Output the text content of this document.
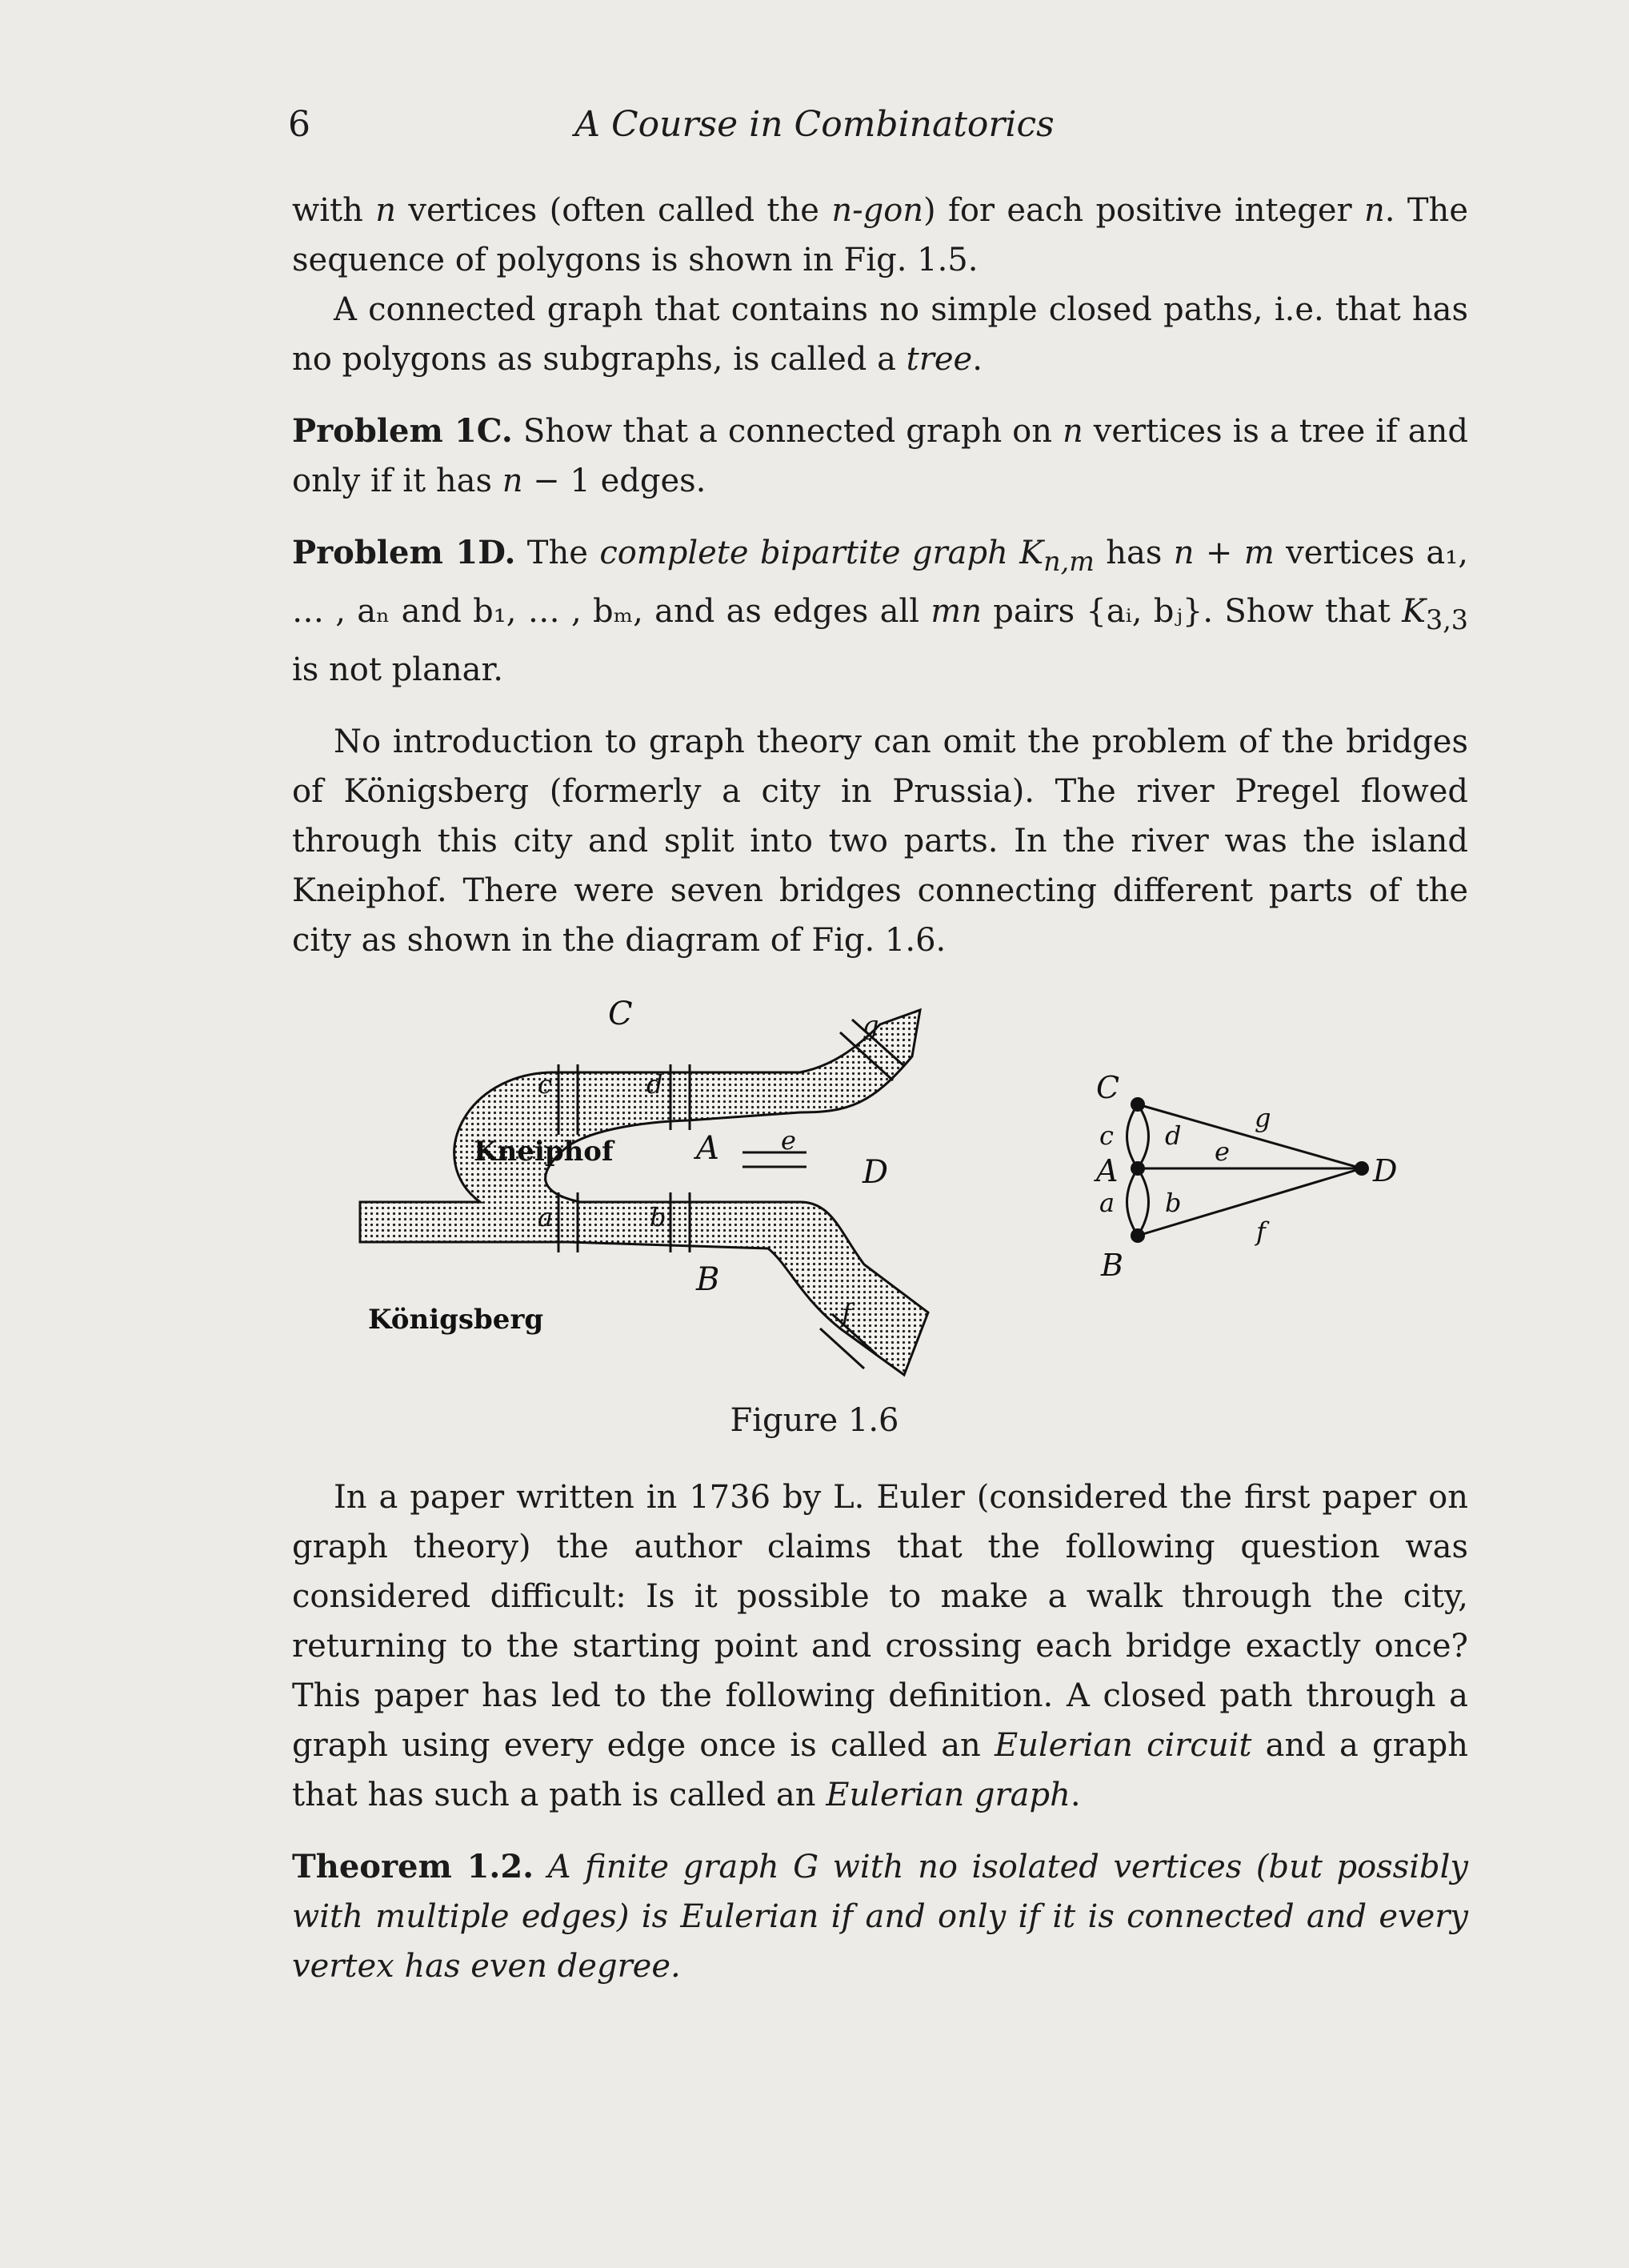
6	A Course in Combinatorics

with n vertices (often called the n-gon) for each positive integer n. The sequence of polygons is shown in Fig. 1.5.

A connected graph that contains no simple closed paths, i.e. that has no polygons as subgraphs, is called a tree.

Problem 1C. Show that a connected graph on n vertices is a tree if and only if it has n − 1 edges.

Problem 1D. The complete bipartite graph $K_{n,m}$ has n + m vertices a₁, … , aₙ and b₁, … , bₘ, and as edges all mn pairs {aᵢ, bⱼ}. Show that $K_{3,3}$ is not planar.

No introduction to graph theory can omit the problem of the bridges of Königsberg (formerly a city in Prussia). The river Pregel flowed through this city and split into two parts. In the river was the island Kneiphof. There were seven bridges connecting different parts of the city as shown in the diagram of Fig. 1.6.

C
A
B
D
Kneiphof
Königsberg
c	d
a	b
e
f
g
C
A
B
D
c d
a b
e
g
f
Figure 1.6

In a paper written in 1736 by L. Euler (considered the first paper on graph theory) the author claims that the following question was considered difficult: Is it possible to make a walk through the city, returning to the starting point and crossing each bridge exactly once? This paper has led to the following definition. A closed path through a graph using every edge once is called an Eulerian circuit and a graph that has such a path is called an Eulerian graph.

Theorem 1.2. A finite graph G with no isolated vertices (but possibly with multiple edges) is Eulerian if and only if it is connected and every vertex has even degree.
